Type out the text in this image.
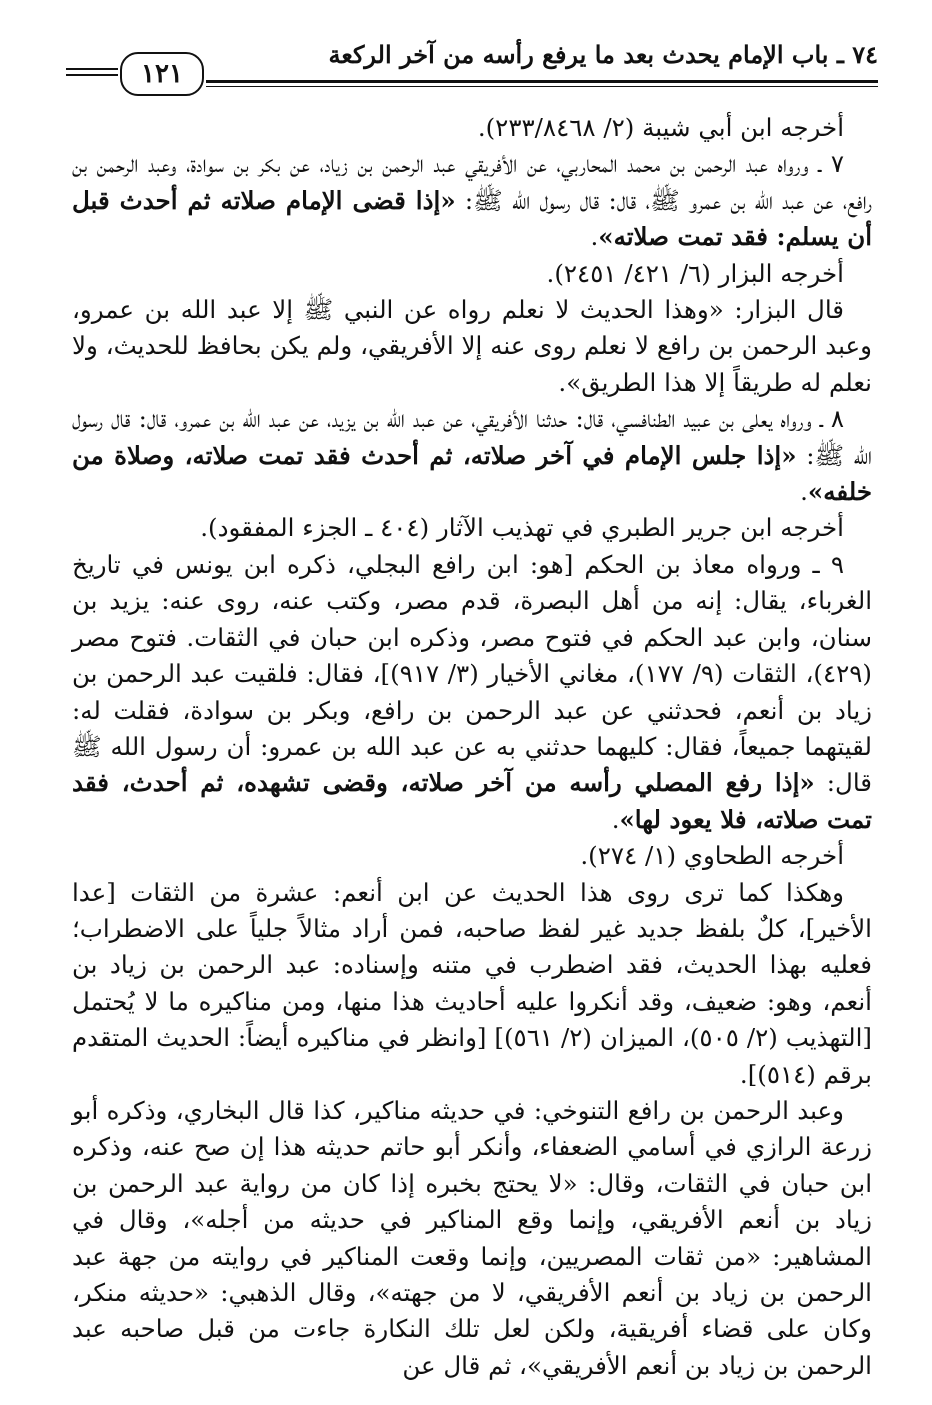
٧٤ ـ باب الإمام يحدث بعد ما يرفع رأسه من آخر الركعة
١٢١

أخرجه ابن أبي شيبة (٢/ ٢٣٣/٨٤٦٨).

٧ ـ ورواه عبد الرحمن بن محمد المحاربي، عن الأفريقي عبد الرحمن بن زياد، عن بكر بن سوادة، وعبد الرحمن بن رافع، عن عبد الله بن عمرو ﷺ، قال: قال رسول الله ﷺ: «إذا قضى الإمام صلاته ثم أحدث قبل أن يسلم: فقد تمت صلاته».

أخرجه البزار (٦/ ٤٢١/ ٢٤٥١).

قال البزار: «وهذا الحديث لا نعلم رواه عن النبي ﷺ إلا عبد الله بن عمرو، وعبد الرحمن بن رافع لا نعلم روى عنه إلا الأفريقي، ولم يكن بحافظ للحديث، ولا نعلم له طريقاً إلا هذا الطريق».

٨ ـ ورواه يعلى بن عبيد الطنافسي، قال: حدثنا الأفريقي، عن عبد الله بن يزيد، عن عبد الله بن عمرو، قال: قال رسول الله ﷺ: «إذا جلس الإمام في آخر صلاته، ثم أحدث فقد تمت صلاته، وصلاة من خلفه».

أخرجه ابن جرير الطبري في تهذيب الآثار (٤٠٤ ـ الجزء المفقود).

٩ ـ ورواه معاذ بن الحكم [هو: ابن رافع البجلي، ذكره ابن يونس في تاريخ الغرباء، يقال: إنه من أهل البصرة، قدم مصر، وكتب عنه، روى عنه: يزيد بن سنان، وابن عبد الحكم في فتوح مصر، وذكره ابن حبان في الثقات. فتوح مصر (٤٢٩)، الثقات (٩/ ١٧٧)، مغاني الأخيار (٣/ ٩١٧)]، فقال: فلقيت عبد الرحمن بن زياد بن أنعم، فحدثني عن عبد الرحمن بن رافع، وبكر بن سوادة، فقلت له: لقيتهما جميعاً، فقال: كليهما حدثني به عن عبد الله بن عمرو: أن رسول الله ﷺ قال: «إذا رفع المصلي رأسه من آخر صلاته، وقضى تشهده، ثم أحدث، فقد تمت صلاته، فلا يعود لها».

أخرجه الطحاوي (١/ ٢٧٤).

وهكذا كما ترى روى هذا الحديث عن ابن أنعم: عشرة من الثقات [عدا الأخير]، كلٌ بلفظ جديد غير لفظ صاحبه، فمن أراد مثالاً جلياً على الاضطراب؛ فعليه بهذا الحديث، فقد اضطرب في متنه وإسناده: عبد الرحمن بن زياد بن أنعم، وهو: ضعيف، وقد أنكروا عليه أحاديث هذا منها، ومن مناكيره ما لا يُحتمل [التهذيب (٢/ ٥٠٥)، الميزان (٢/ ٥٦١)] [وانظر في مناكيره أيضاً: الحديث المتقدم برقم (٥١٤)].

وعبد الرحمن بن رافع التنوخي: في حديثه مناكير، كذا قال البخاري، وذكره أبو زرعة الرازي في أسامي الضعفاء، وأنكر أبو حاتم حديثه هذا إن صح عنه، وذكره ابن حبان في الثقات، وقال: «لا يحتج بخبره إذا كان من رواية عبد الرحمن بن زياد بن أنعم الأفريقي، وإنما وقع المناكير في حديثه من أجله»، وقال في المشاهير: «من ثقات المصريين، وإنما وقعت المناكير في روايته من جهة عبد الرحمن بن زياد بن أنعم الأفريقي، لا من جهته»، وقال الذهبي: «حديثه منكر، وكان على قضاء أفريقية، ولكن لعل تلك النكارة جاءت من قبل صاحبه عبد الرحمن بن زياد بن أنعم الأفريقي»، ثم قال عن
